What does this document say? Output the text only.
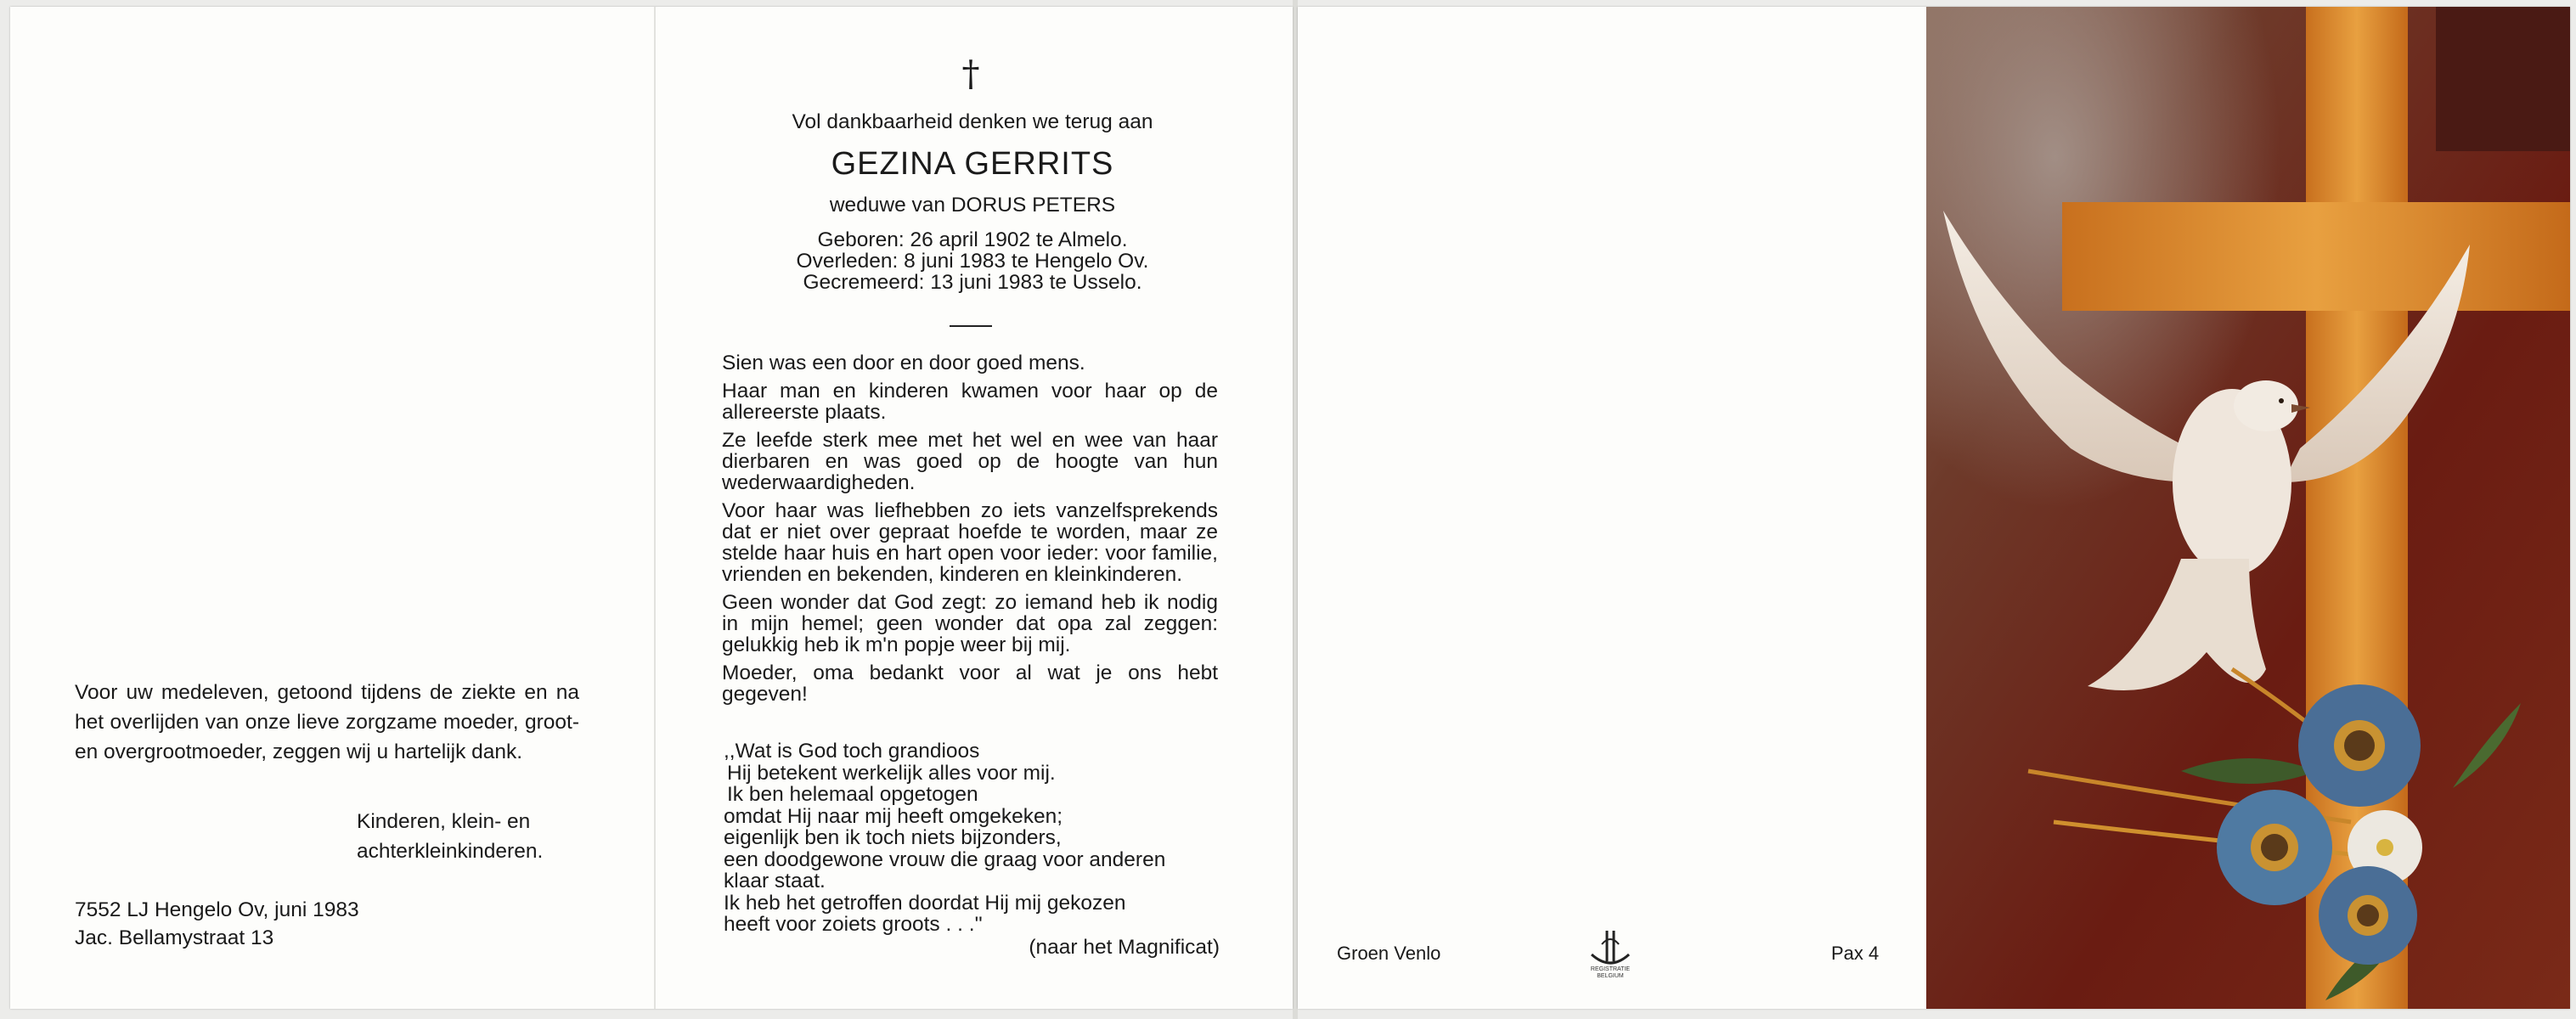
Voor uw medeleven, getoond tijdens de ziekte en na het overlijden van onze lieve zorgzame moeder, groot- en overgrootmoeder, zeggen wij u hartelijk dank.
Kinderen, klein- en
achterkleinkinderen.
7552 LJ Hengelo Ov, juni 1983
Jac. Bellamystraat 13
†
Vol dankbaarheid denken we terug aan
GEZINA GERRITS
weduwe van DORUS PETERS
Geboren: 26 april 1902 te Almelo.
Overleden: 8 juni 1983 te Hengelo Ov.
Gecremeerd: 13 juni 1983 te Usselo.

Sien was een door en door goed mens.

Haar man en kinderen kwamen voor haar op de allereerste plaats.

Ze leefde sterk mee met het wel en wee van haar dierbaren en was goed op de hoogte van hun wederwaardigheden.

Voor haar was liefhebben zo iets vanzelfsprekends dat er niet over gepraat hoefde te worden, maar ze stelde haar huis en hart open voor ieder: voor familie, vrienden en bekenden, kinderen en kleinkinderen.

Geen wonder dat God zegt: zo iemand heb ik nodig in mijn hemel; geen wonder dat opa zal zeggen: gelukkig heb ik m'n popje weer bij mij.

Moeder, oma bedankt voor al wat je ons hebt gegeven!

,,Wat is God toch grandioos
Hij betekent werkelijk alles voor mij.
Ik ben helemaal opgetogen
omdat Hij naar mij heeft omgekeken;
eigenlijk ben ik toch niets bijzonders,
een doodgewone vrouw die graag voor anderen
klaar staat.
Ik heb het getroffen doordat Hij mij gekozen
heeft voor zoiets groots . . .''
(naar het Magnificat)	Groen Venlo
REGISTRATIE BELGIUM
Pax 4
